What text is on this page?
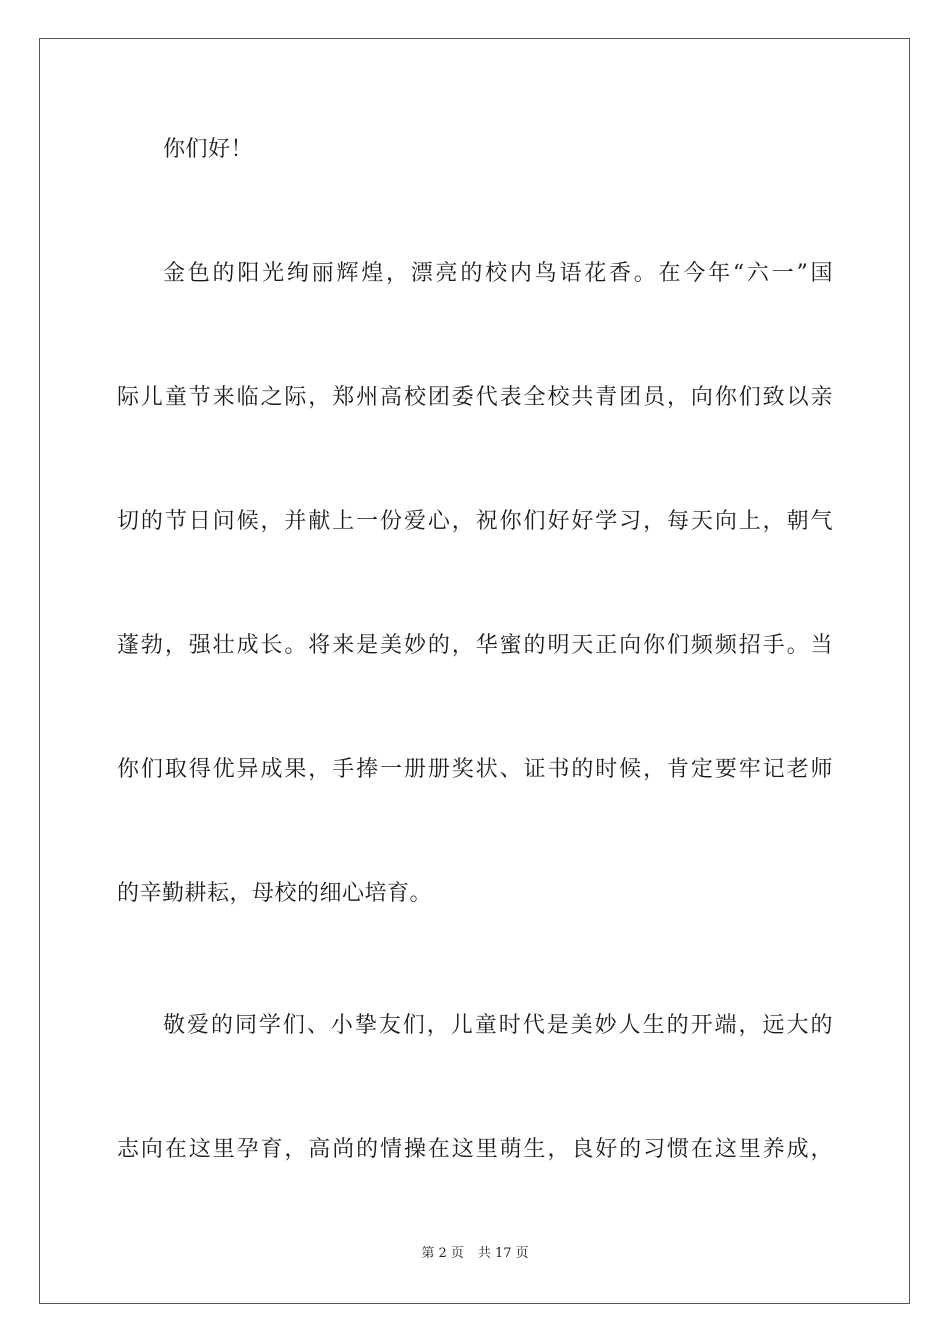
你们好！
金色的阳光绚丽辉煌，漂亮的校内鸟语花香。在今年“六一”国
际儿童节来临之际，郑州高校团委代表全校共青团员，向你们致以亲
切的节日问候，并献上一份爱心，祝你们好好学习，每天向上，朝气
蓬勃，强壮成长。将来是美妙的，华蜜的明天正向你们频频招手。当
你们取得优异成果，手捧一册册奖状、证书的时候，肯定要牢记老师
的辛勤耕耘，母校的细心培育。
敬爱的同学们、小挚友们，儿童时代是美妙人生的开端，远大的
志向在这里孕育，高尚的情操在这里萌生，良好的习惯在这里养成，
第 2 页 共 17 页
